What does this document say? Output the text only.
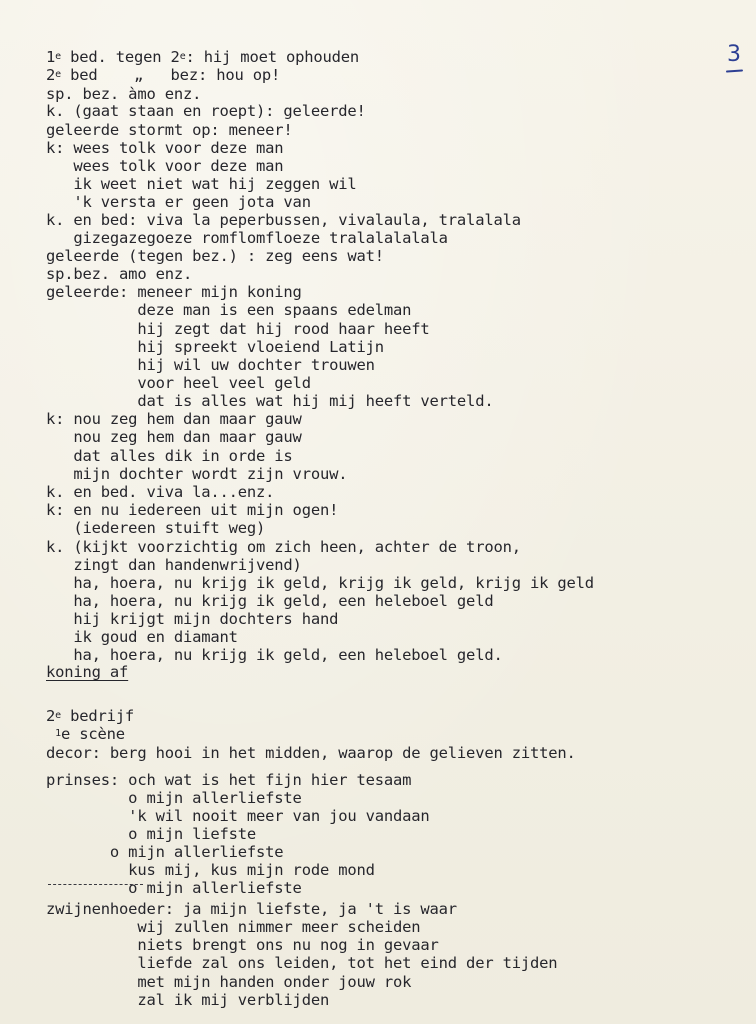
3
1e bed. tegen 2e: hij moet ophouden
2e bed    „   bez: hou op!
sp. bez. àmo enz.
k. (gaat staan en roept): geleerde!
geleerde stormt op: meneer!
k: wees tolk voor deze man
wees tolk voor deze man
ik weet niet wat hij zeggen wil
'k versta er geen jota van
k. en bed: viva la peperbussen, vivalaula, tralalala
gizegazegoeze romflomfloeze tralalalalala
geleerde (tegen bez.) : zeg eens wat!
sp.bez. amo enz.
geleerde: meneer mijn koning
deze man is een spaans edelman
hij zegt dat hij rood haar heeft
hij spreekt vloeiend Latijn
hij wil uw dochter trouwen
voor heel veel geld
dat is alles wat hij mij heeft verteld.
k: nou zeg hem dan maar gauw
nou zeg hem dan maar gauw
dat alles dik in orde is
mijn dochter wordt zijn vrouw.
k. en bed. viva la...enz.
k: en nu iedereen uit mijn ogen!
(iedereen stuift weg)
k. (kijkt voorzichtig om zich heen, achter de troon,
zingt dan handenwrijvend)
ha, hoera, nu krijg ik geld, krijg ik geld, krijg ik geld
ha, hoera, nu krijg ik geld, een heleboel geld
hij krijgt mijn dochters hand
ik goud en diamant
ha, hoera, nu krijg ik geld, een heleboel geld.
koning af
2e bedrijf
$^1$e scène
decor: berg hooi in het midden, waarop de gelieven zitten.
prinses: och wat is het fijn hier tesaam
o mijn allerliefste
'k wil nooit meer van jou vandaan
o mijn liefste
o mijn allerliefste
kus mij, kus mijn rode mond
o mijn allerliefste
zwijnenhoeder: ja mijn liefste, ja 't is waar
wij zullen nimmer meer scheiden
niets brengt ons nu nog in gevaar
liefde zal ons leiden, tot het eind der tijden
met mijn handen onder jouw rok
zal ik mij verblijden
